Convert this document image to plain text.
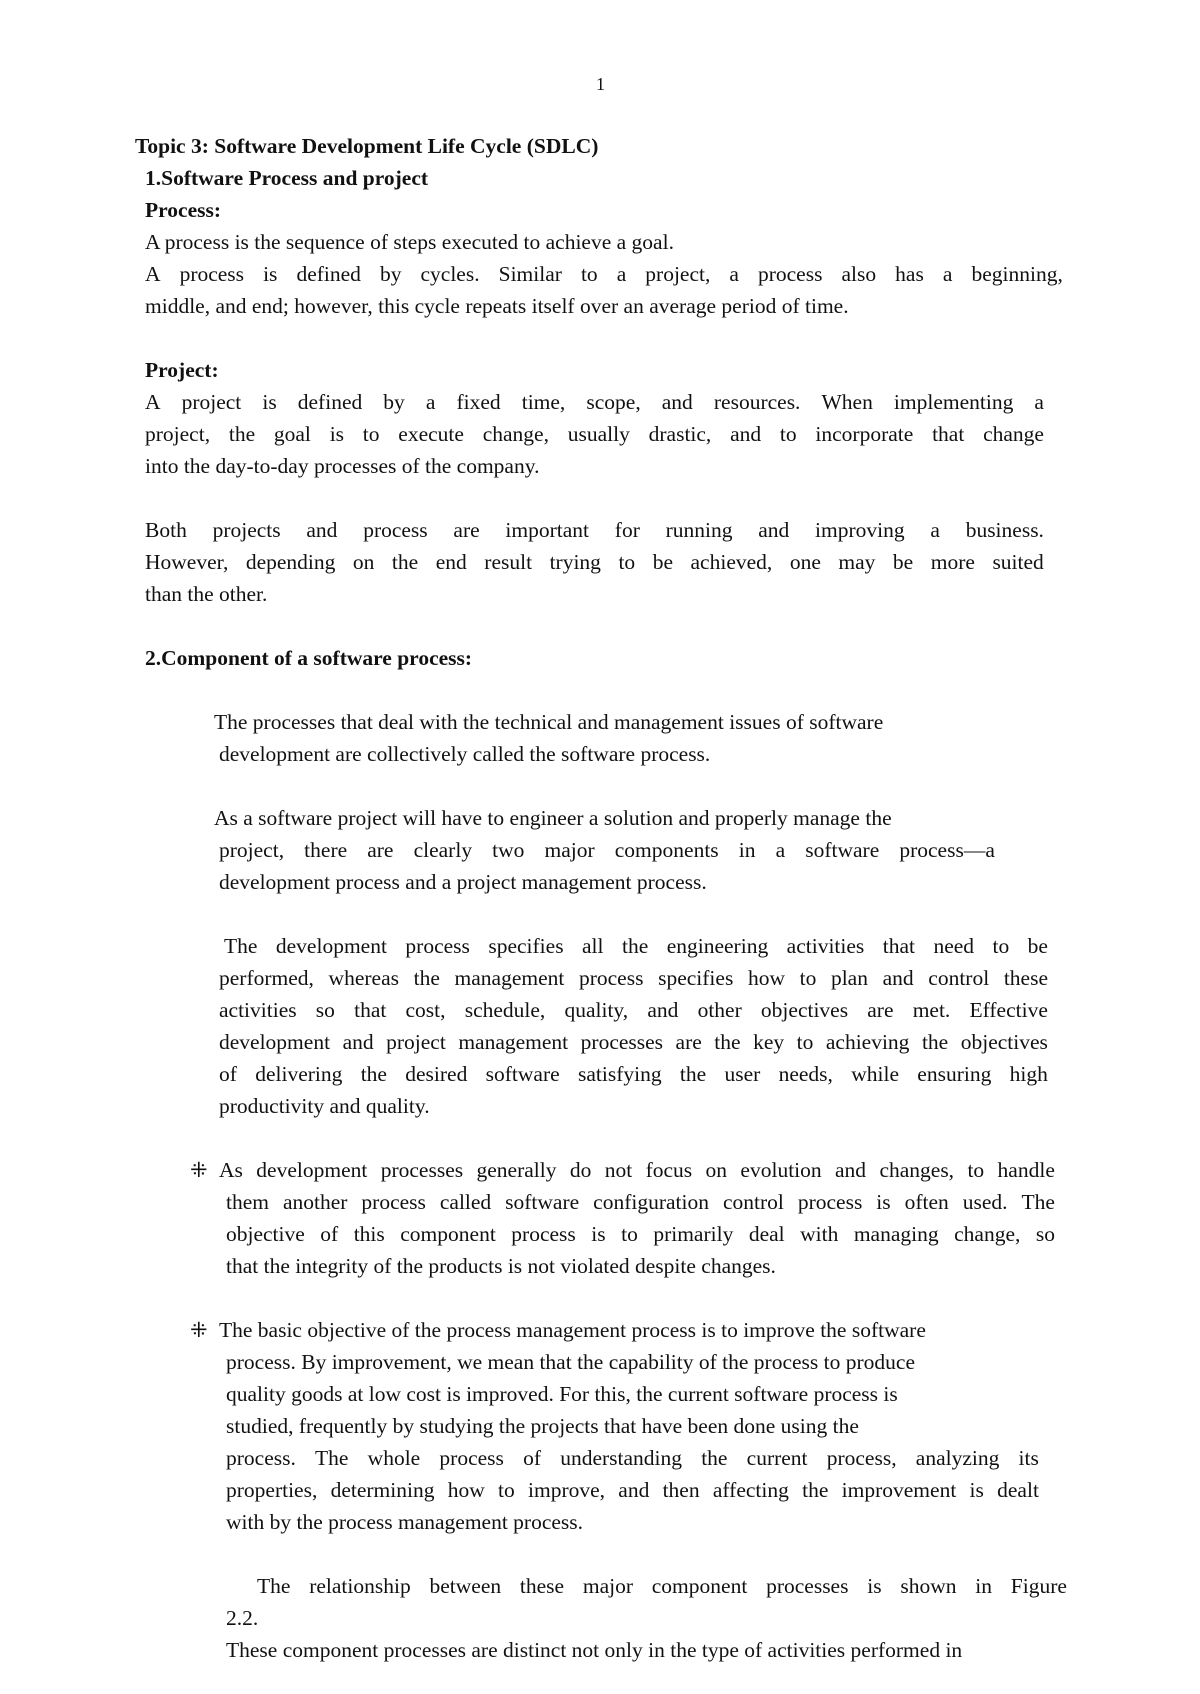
1
Topic 3: Software Development Life Cycle (SDLC)
1.Software Process and project
Process:
A process is the sequence of steps executed to achieve a goal.
A process is defined by cycles. Similar to a project, a process also has a beginning,
middle, and end; however, this cycle repeats itself over an average period of time.
Project:
A project is defined by a fixed time, scope, and resources. When implementing a
project, the goal is to execute change, usually drastic, and to incorporate that change
into the day-to-day processes of the company.
Both projects and process are important for running and improving a business.
However, depending on the end result trying to be achieved, one may be more suited
than the other.
2.Component of a software process:
The processes that deal with the technical and management issues of software
development are collectively called the software process.
As a software project will have to engineer a solution and properly manage the
project, there are clearly two major components in a software process—a
development process and a project management process.
The development process specifies all the engineering activities that need to be
performed, whereas the management process specifies how to plan and control these
activities so that cost, schedule, quality, and other objectives are met. Effective
development and project management processes are the key to achieving the objectives
of delivering the desired software satisfying the user needs, while ensuring high
productivity and quality.
⁜ As development processes generally do not focus on evolution and changes, to handle
them another process called software configuration control process is often used. The
objective of this component process is to primarily deal with managing change, so
that the integrity of the products is not violated despite changes.
⁜ The basic objective of the process management process is to improve the software
process. By improvement, we mean that the capability of the process to produce
quality goods at low cost is improved. For this, the current software process is
studied, frequently by studying the projects that have been done using the
process. The whole process of understanding the current process, analyzing its
properties, determining how to improve, and then affecting the improvement is dealt
with by the process management process.
The relationship between these major component processes is shown in Figure
2.2.
These component processes are distinct not only in the type of activities performed in
